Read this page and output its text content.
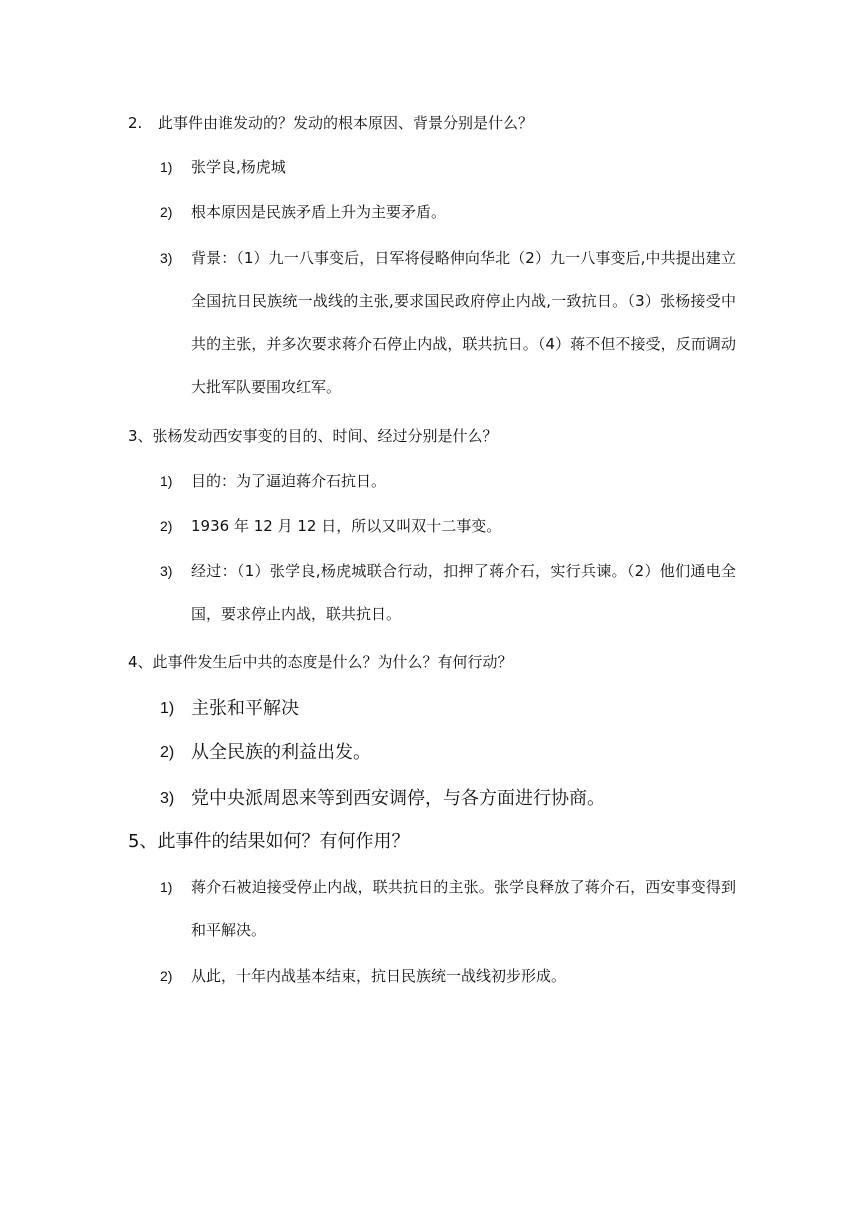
2. 此事件由谁发动的？发动的根本原因、背景分别是什么？
1)	张学良,杨虎城
2)	根本原因是民族矛盾上升为主要矛盾。
3)	背景：（1）九一八事变后，日军将侵略伸向华北（2）九一八事变后,中共提出建立全国抗日民族统一战线的主张,要求国民政府停止内战,一致抗日。（3）张杨接受中共的主张，并多次要求蒋介石停止内战，联共抗日。（4）蒋不但不接受，反而调动大批军队要围攻红军。
3、张杨发动西安事变的目的、时间、经过分别是什么？
1)	目的：为了逼迫蒋介石抗日。
2)	1936 年 12 月 12 日，所以又叫双十二事变。
3)	经过：（1）张学良,杨虎城联合行动，扣押了蒋介石，实行兵谏。（2）他们通电全国，要求停止内战，联共抗日。
4、此事件发生后中共的态度是什么？为什么？有何行动？
1) 主张和平解决
2) 从全民族的利益出发。
3) 党中央派周恩来等到西安调停，与各方面进行协商。
5、此事件的结果如何？有何作用？
1)	蒋介石被迫接受停止内战，联共抗日的主张。张学良释放了蒋介石，西安事变得到和平解决。
2)	从此，十年内战基本结束，抗日民族统一战线初步形成。
